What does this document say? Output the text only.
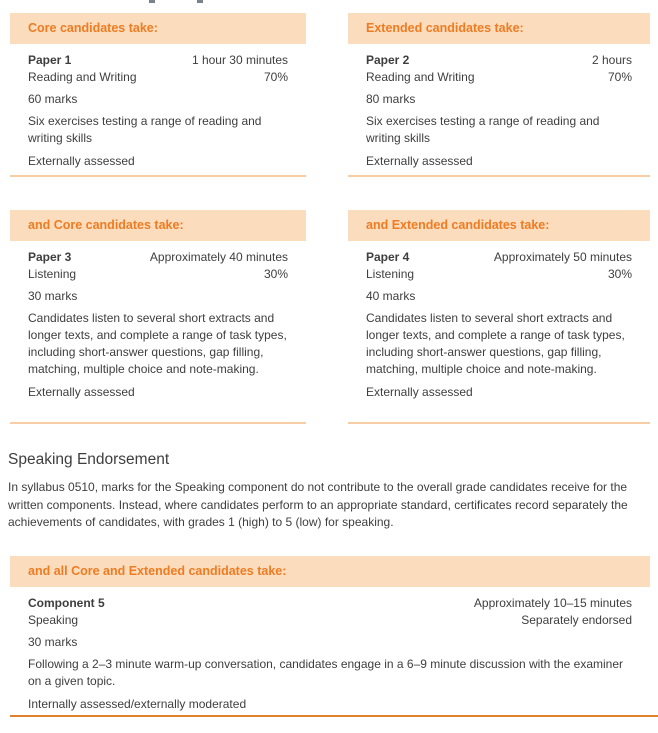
Core candidates take:
Paper 1	1 hour 30 minutes
Reading and Writing	70%
60 marks
Six exercises testing a range of reading and writing skills
Externally assessed
Extended candidates take:
Paper 2	2 hours
Reading and Writing	70%
80 marks
Six exercises testing a range of reading and writing skills
Externally assessed
and Core candidates take:
Paper 3	Approximately 40 minutes
Listening	30%
30 marks
Candidates listen to several short extracts and longer texts, and complete a range of task types, including short-answer questions, gap filling, matching, multiple choice and note-making.
Externally assessed
and Extended candidates take:
Paper 4	Approximately 50 minutes
Listening	30%
40 marks
Candidates listen to several short extracts and longer texts, and complete a range of task types, including short-answer questions, gap filling, matching, multiple choice and note-making.
Externally assessed
Speaking Endorsement

In syllabus 0510, marks for the Speaking component do not contribute to the overall grade candidates receive for the written components. Instead, where candidates perform to an appropriate standard, certificates record separately the achievements of candidates, with grades 1 (high) to 5 (low) for speaking.

and all Core and Extended candidates take:
Component 5	Approximately 10–15 minutes
Speaking	Separately endorsed
30 marks
Following a 2–3 minute warm-up conversation, candidates engage in a 6–9 minute discussion with the examiner on a given topic.
Internally assessed/externally moderated
